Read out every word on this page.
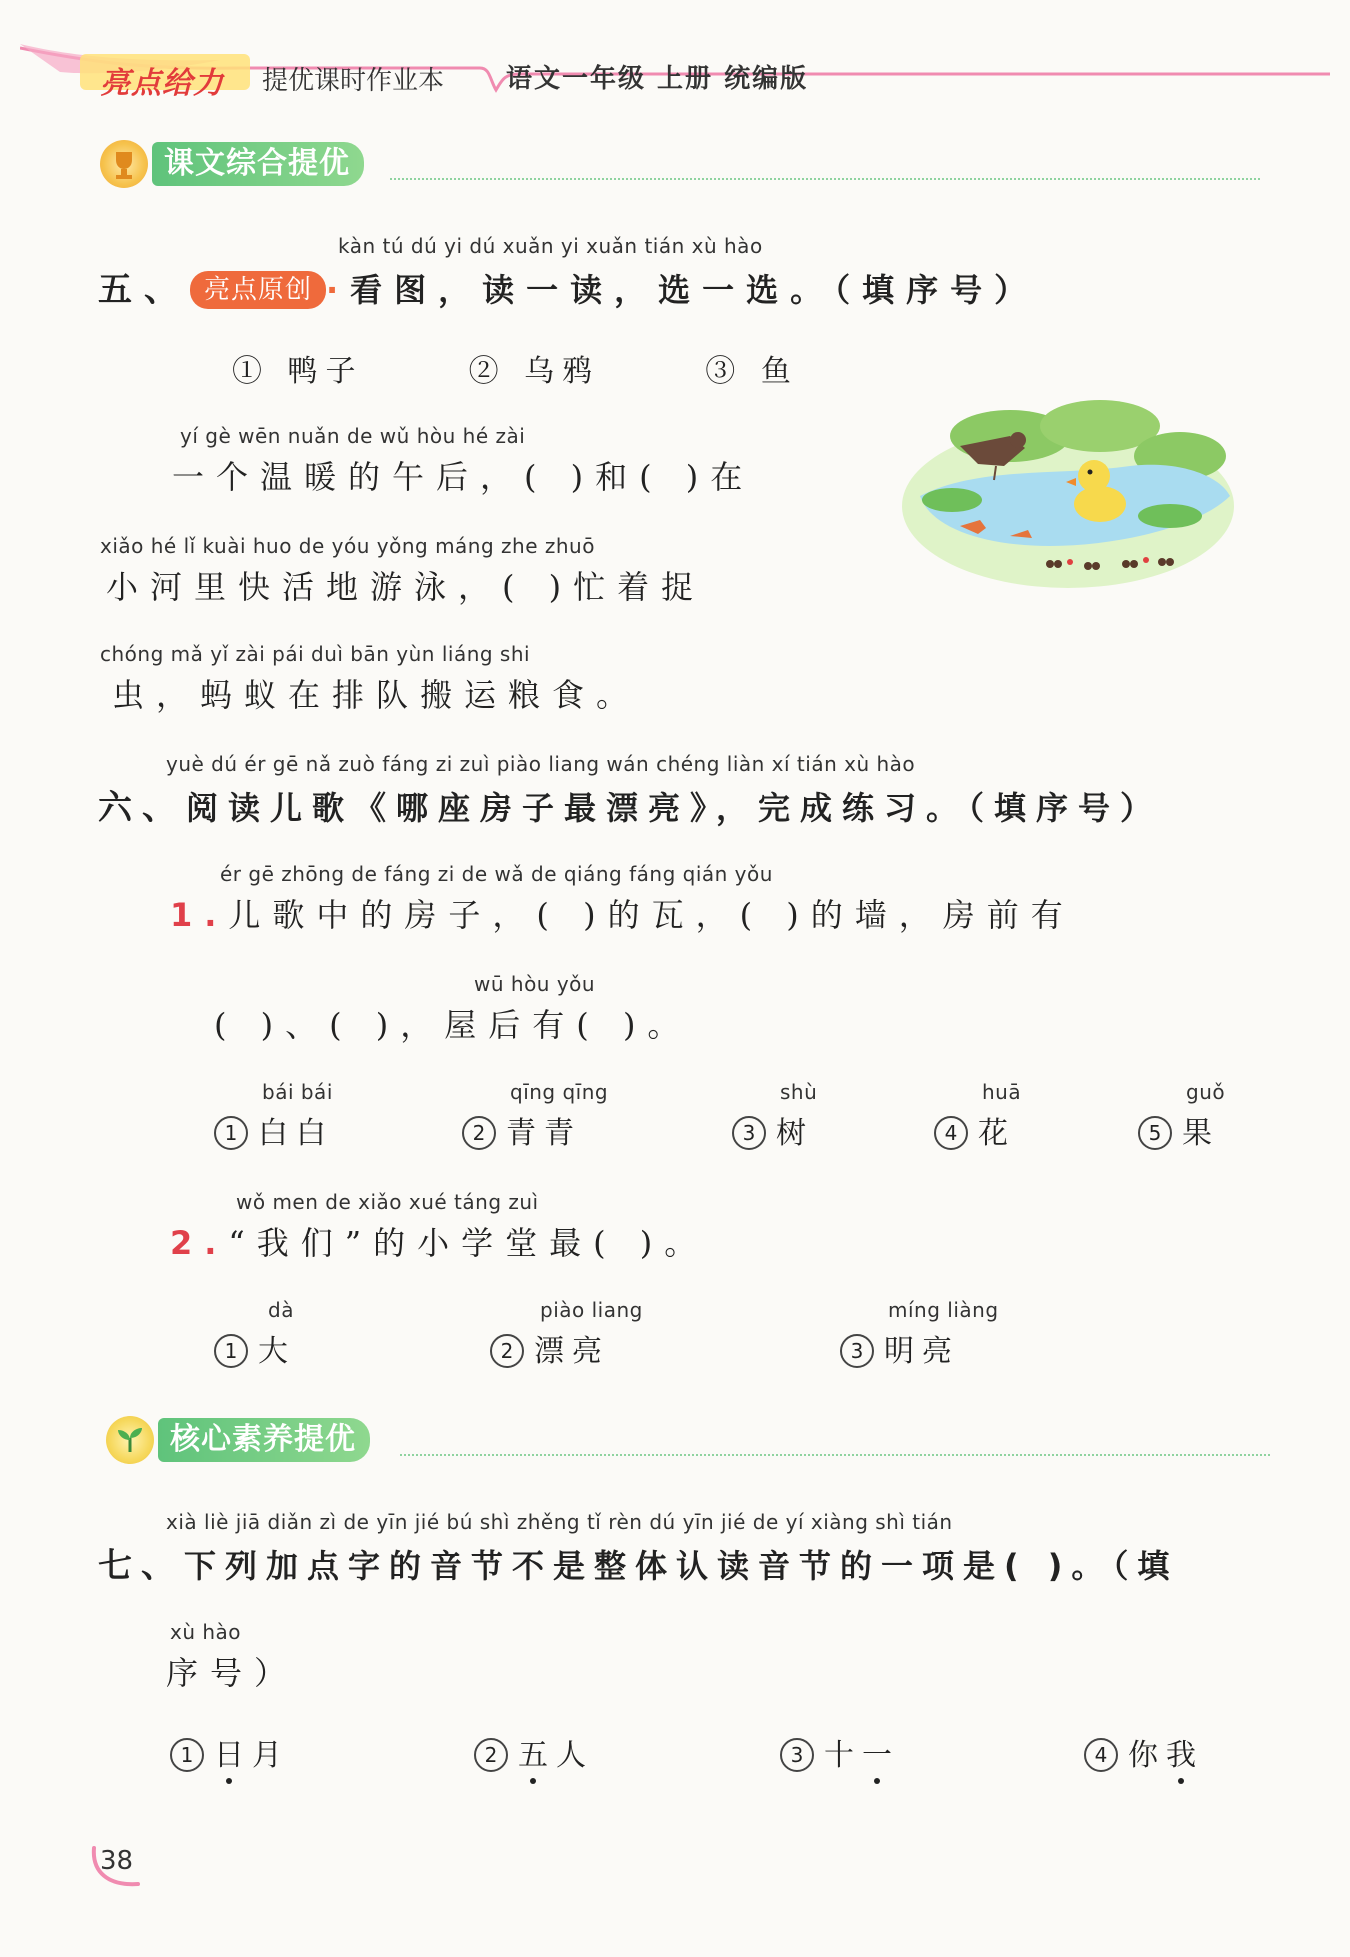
亮点给力 提优课时作业本 语文一年级 上册 统编版
课文综合提优
kàn tú dú yi dú xuǎn yi xuǎn tián xù hào
五、 亮点原创 ·看图，读一读，选一选。（填序号）
① 鸭子	② 乌鸦	③ 鱼
yí gè wēn nuǎn de wǔ hòu hé zài
一个温暖的午后，( )和( )在
xiǎo hé lǐ kuài huo de yóu yǒng máng zhe zhuō
小河里快活地游泳，( )忙着捉
chóng mǎ yǐ zài pái duì bān yùn liáng shi
虫，蚂蚁在排队搬运粮食。
yuè dú ér gē nǎ zuò fáng zi zuì piào liang wán chéng liàn xí tián xù hào
六、阅读儿歌《哪座房子最漂亮》，完成练习。（填序号）
ér gē zhōng de fáng zi de wǎ de qiáng fáng qián yǒu
1.儿歌中的房子，( )的瓦，( )的墙，房前有
wū hòu yǒu
( )、( )，屋后有( )。
bái bái
1 白白
qīng qīng
2 青青
shù
3 树
huā
4 花
guǒ
5 果
wǒ men de xiǎo xué táng zuì
2.“我们”的小学堂最( )。
dà
1 大
piào liang
2 漂亮
míng liàng
3 明亮
核心素养提优
xià liè jiā diǎn zì de yīn jié bú shì zhěng tǐ rèn dú yīn jié de yí xiàng shì tián
七、下列加点字的音节不是整体认读音节的一项是( )。（填
xù hào
序号）
1 日月	2 五人	3 十一	4 你我
38
